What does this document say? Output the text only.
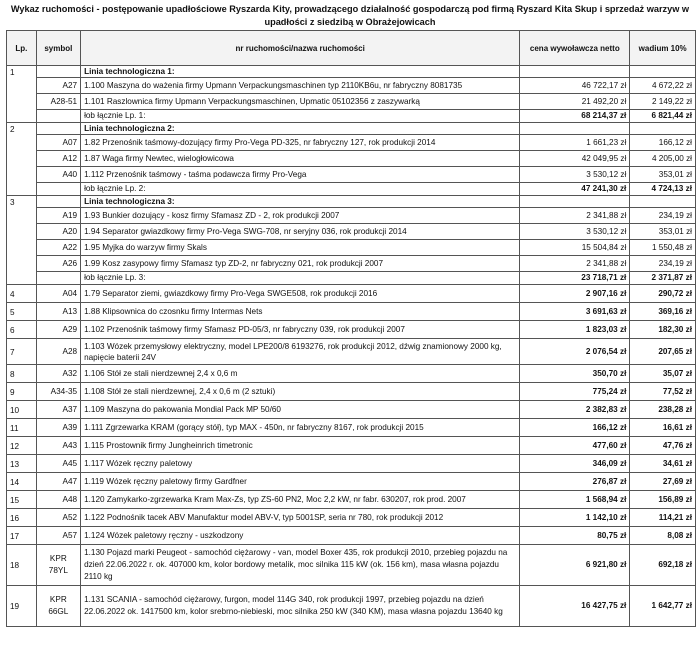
Wykaz ruchomości - postępowanie upadłościowe Ryszarda Kity, prowadzącego działalność gospodarczą pod firmą Ryszard Kita Skup i sprzedaż warzyw w
upadłości z siedzibą w Obrażejowicach
Lp.	symbol	nr ruchomości/nazwa ruchomości	cena wywoławcza netto	wadium 10%
1		Linia technologiczna 1:		
	A27	1.100 Maszyna do ważenia firmy Upmann Verpackungsmaschinen typ 2110KB6u, nr fabryczny 8081735	46 722,17 zł	4 672,22 zł
	A28-51	1.101 Raszlownica firmy Upmann Verpackungsmaschinen, Upmatic 05102356 z zaszywarką	21 492,20 zł	2 149,22 zł
		łob łącznie Lp. 1:	68 214,37 zł	6 821,44 zł
2		Linia technologiczna 2:		
	A07	1.82 Przenośnik taśmowy-dozujący firmy Pro-Vega PD-325, nr fabryczny 127, rok produkcji 2014	1 661,23 zł	166,12 zł
	A12	1.87 Waga firmy Newtec, wielogłowicowa	42 049,95 zł	4 205,00 zł
	A40	1.112 Przenośnik taśmowy - taśma podawcza firmy Pro-Vega	3 530,12 zł	353,01 zł
		łob łącznie Lp. 2:	47 241,30 zł	4 724,13 zł
3		Linia technologiczna 3:		
	A19	1.93 Bunkier dozujący - kosz firmy Sfamasz ZD - 2, rok produkcji 2007	2 341,88 zł	234,19 zł
	A20	1.94 Separator gwiazdkowy firmy Pro-Vega SWG-708, nr seryjny 036, rok produkcji 2014	3 530,12 zł	353,01 zł
	A22	1.95 Myjka do warzyw firmy Skals	15 504,84 zł	1 550,48 zł
	A26	1.99 Kosz zasypowy firmy Sfamasz typ ZD-2, nr fabryczny 021, rok produkcji 2007	2 341,88 zł	234,19 zł
		łob łącznie Lp. 3:	23 718,71 zł	2 371,87 zł
4	A04	1.79 Separator ziemi, gwiazdkowy firmy Pro-Vega SWGE508, rok produkcji 2016	2 907,16 zł	290,72 zł
5	A13	1.88 Klipsownica do czosnku firmy Intermas Nets	3 691,63 zł	369,16 zł
6	A29	1.102 Przenośnik taśmowy firmy Sfamasz PD-05/3, nr fabryczny 039, rok produkcji 2007	1 823,03 zł	182,30 zł
7	A28	1.103 Wózek przemysłowy elektryczny, model LPE200/8 6193276, rok produkcji 2012, dźwig znamionowy 2000 kg, napięcie baterii 24V	2 076,54 zł	207,65 zł
8	A32	1.106 Stół ze stali nierdzewnej 2,4 x 0,6 m	350,70 zł	35,07 zł
9	A34-35	1.108 Stół ze stali nierdzewnej, 2,4 x 0,6 m (2 sztuki)	775,24 zł	77,52 zł
10	A37	1.109 Maszyna do pakowania Mondial Pack MP 50/60	2 382,83 zł	238,28 zł
11	A39	1.111 Zgrzewarka KRAM (gorący stół), typ MAX - 450n, nr fabryczny 8167, rok produkcji 2015	166,12 zł	16,61 zł
12	A43	1.115 Prostownik firmy Jungheinrich timetronic	477,60 zł	47,76 zł
13	A45	1.117 Wózek ręczny paletowy	346,09 zł	34,61 zł
14	A47	1.119 Wózek ręczny paletowy firmy Gardfner	276,87 zł	27,69 zł
15	A48	1.120 Zamykarko-zgrzewarka Kram Max-Zs, typ ZS-60 PN2, Moc 2,2 kW, nr fabr. 630207, rok prod. 2007	1 568,94 zł	156,89 zł
16	A52	1.122 Podnośnik tacek ABV Manufaktur model ABV-V, typ 5001SP, seria nr 780, rok produkcji 2012	1 142,10 zł	114,21 zł
17	A57	1.124 Wózek paletowy ręczny - uszkodzony	80,75 zł	8,08 zł
18	KPR 78YL	1.130 Pojazd marki Peugeot - samochód ciężarowy - van, model Boxer 435, rok produkcji 2010, przebieg pojazdu na dzień 22.06.2022 r. ok. 407000 km, kolor bordowy metalik, moc silnika 115 kW (ok. 156 km), masa własna pojazdu 2110 kg	6 921,80 zł	692,18 zł
19	KPR 66GL	1.131 SCANIA - samochód ciężarowy, furgon, model 114G 340, rok produkcji 1997, przebieg pojazdu na dzień 22.06.2022 ok. 1417500 km, kolor srebrno-niebieski, moc silnika 250 kW (340 KM), masa własna pojazdu 13640 kg	16 427,75 zł	1 642,77 zł
